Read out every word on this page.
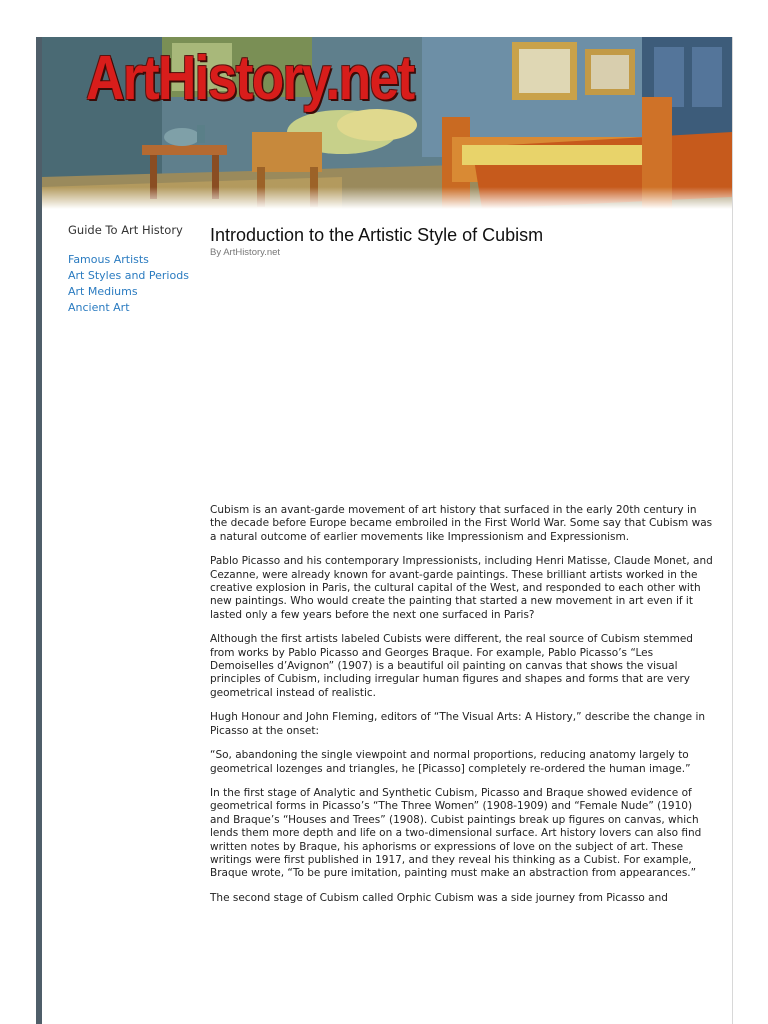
ArtHistory.net

Guide To Art History

Famous Artists
Art Styles and Periods
Art Mediums
Ancient Art
Introduction to the Artistic Style of Cubism

By ArtHistory.net

Cubism is an avant-garde movement of art history that surfaced in the early 20th century in the decade before Europe became embroiled in the First World War. Some say that Cubism was a natural outcome of earlier movements like Impressionism and Expressionism.

Pablo Picasso and his contemporary Impressionists, including Henri Matisse, Claude Monet, and Cezanne, were already known for avant-garde paintings. These brilliant artists worked in the creative explosion in Paris, the cultural capital of the West, and responded to each other with new paintings. Who would create the painting that started a new movement in art even if it lasted only a few years before the next one surfaced in Paris?

Although the first artists labeled Cubists were different, the real source of Cubism stemmed from works by Pablo Picasso and Georges Braque. For example, Pablo Picasso’s “Les Demoiselles d’Avignon” (1907) is a beautiful oil painting on canvas that shows the visual principles of Cubism, including irregular human figures and shapes and forms that are very geometrical instead of realistic.

Hugh Honour and John Fleming, editors of “The Visual Arts: A History,” describe the change in Picasso at the onset:

“So, abandoning the single viewpoint and normal proportions, reducing anatomy largely to geometrical lozenges and triangles, he [Picasso] completely re-ordered the human image.”

In the first stage of Analytic and Synthetic Cubism, Picasso and Braque showed evidence of geometrical forms in Picasso’s “The Three Women” (1908-1909) and “Female Nude” (1910) and Braque’s “Houses and Trees” (1908). Cubist paintings break up figures on canvas, which lends them more depth and life on a two-dimensional surface. Art history lovers can also find written notes by Braque, his aphorisms or expressions of love on the subject of art. These writings were first published in 1917, and they reveal his thinking as a Cubist. For example, Braque wrote, “To be pure imitation, painting must make an abstraction from appearances.”

The second stage of Cubism called Orphic Cubism was a side journey from Picasso and
